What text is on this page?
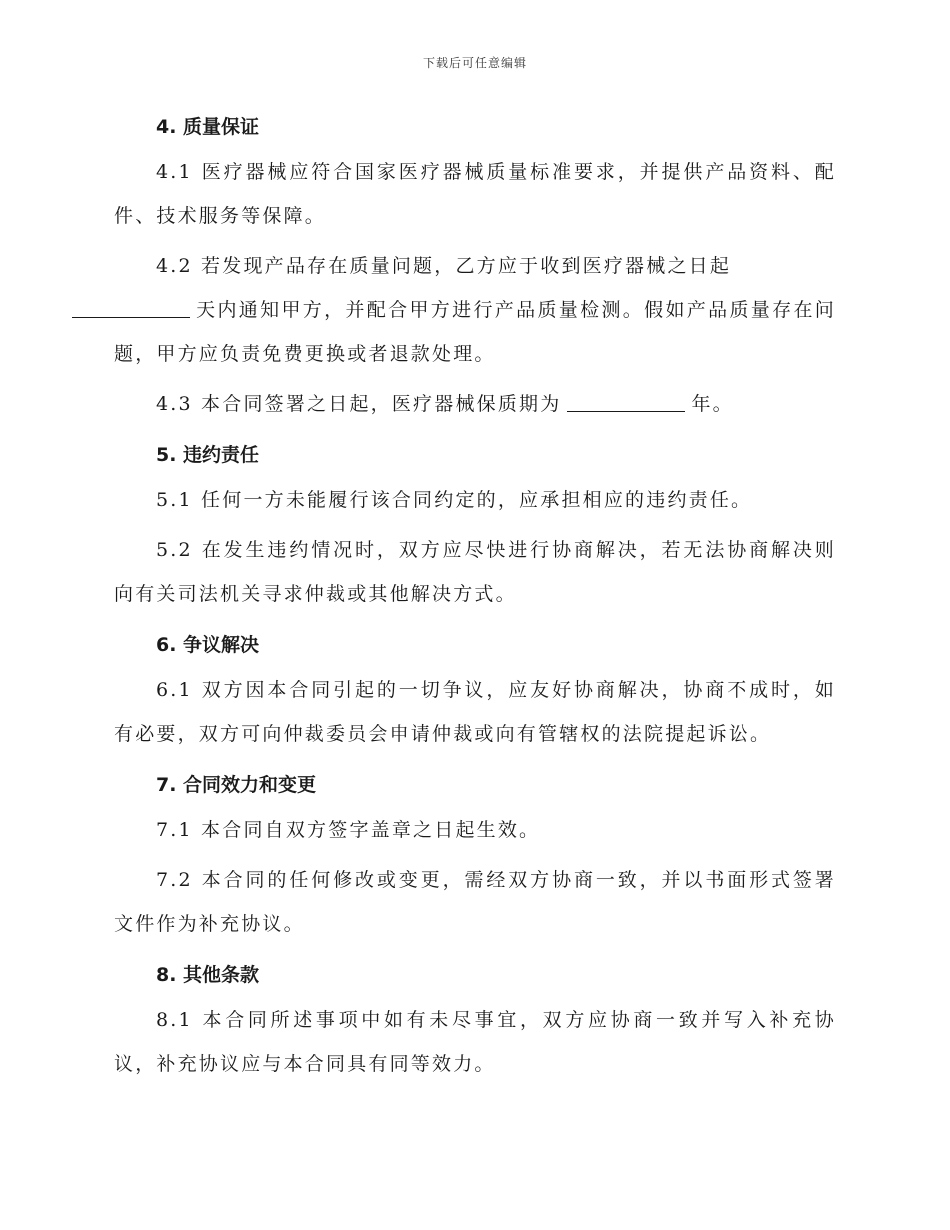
下载后可任意编辑
4. 质量保证

4.1 医疗器械应符合国家医疗器械质量标准要求，并提供产品资料、配件、技术服务等保障。

4.2 若发现产品存在质量问题，乙方应于收到医疗器械之日起
天内通知甲方，并配合甲方进行产品质量检测。假如产品质量存在问题，甲方应负责免费更换或者退款处理。

4.3 本合同签署之日起，医疗器械保质期为	年。

5. 违约责任

5.1 任何一方未能履行该合同约定的，应承担相应的违约责任。

5.2 在发生违约情况时，双方应尽快进行协商解决，若无法协商解决则向有关司法机关寻求仲裁或其他解决方式。

6. 争议解决

6.1 双方因本合同引起的一切争议，应友好协商解决，协商不成时，如有必要，双方可向仲裁委员会申请仲裁或向有管辖权的法院提起诉讼。

7. 合同效力和变更

7.1 本合同自双方签字盖章之日起生效。

7.2 本合同的任何修改或变更，需经双方协商一致，并以书面形式签署文件作为补充协议。

8. 其他条款

8.1 本合同所述事项中如有未尽事宜，双方应协商一致并写入补充协议，补充协议应与本合同具有同等效力。
